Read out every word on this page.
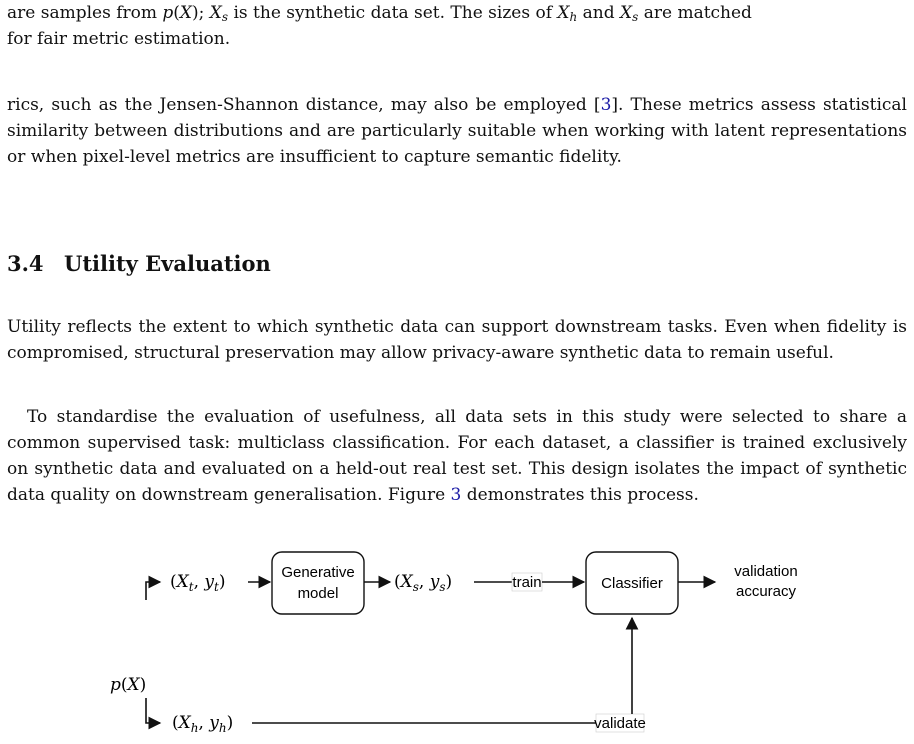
are samples from p(X); $X_s$ is the synthetic data set. The sizes of $X_h$ and $X_s$ are matched
for fair metric estimation.

rics, such as the Jensen-Shannon distance, may also be employed [3]. These metrics assess statistical similarity between distributions and are particularly suitable when working with latent representations or when pixel-level metrics are insufficient to capture semantic fidelity.

3.4 Utility Evaluation

Utility reflects the extent to which synthetic data can support downstream tasks. Even when fidelity is compromised, structural preservation may allow privacy-aware synthetic data to remain useful.

To standardise the evaluation of usefulness, all data sets in this study were selected to share a common supervised task: multiclass classification. For each dataset, a classifier is trained exclusively on synthetic data and evaluated on a held-out real test set. This design isolates the impact of synthetic data quality on downstream generalisation. Figure 3 demonstrates this process.

p(X)
($X_t$, $y_t$)	Generative
model
($X_s$, $y_s$)	train	Classifier
validation
accuracy
($X_h$, $y_h$)	validate
